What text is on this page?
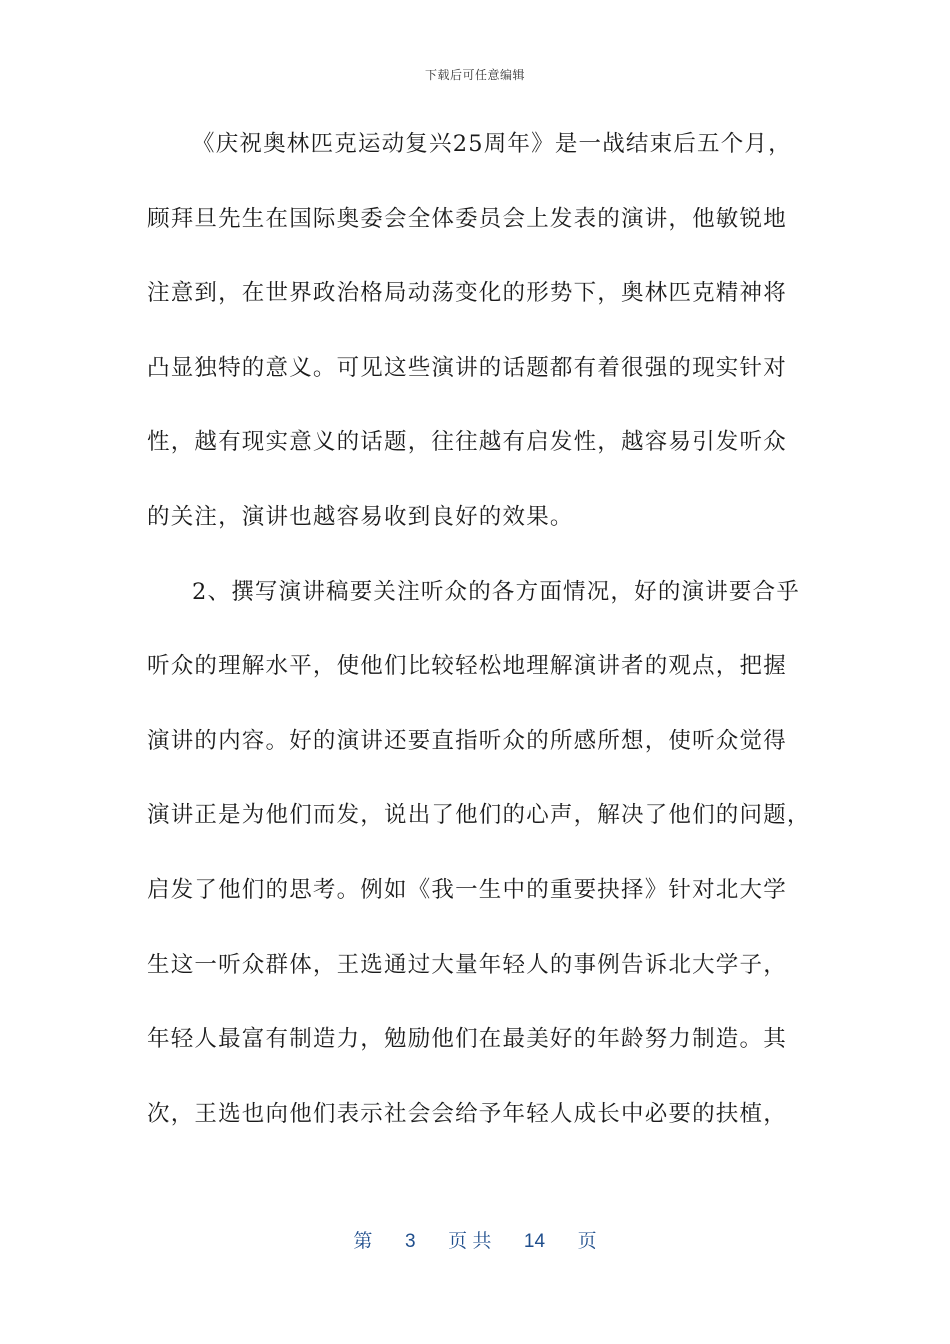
下载后可任意编辑
《庆祝奥林匹克运动复兴25周年》是一战结束后五个月，
顾拜旦先生在国际奥委会全体委员会上发表的演讲，他敏锐地
注意到，在世界政治格局动荡变化的形势下，奥林匹克精神将
凸显独特的意义。可见这些演讲的话题都有着很强的现实针对
性，越有现实意义的话题，往往越有启发性，越容易引发听众
的关注，演讲也越容易收到良好的效果。
2、撰写演讲稿要关注听众的各方面情况，好的演讲要合乎
听众的理解水平，使他们比较轻松地理解演讲者的观点，把握
演讲的内容。好的演讲还要直指听众的所感所想，使听众觉得
演讲正是为他们而发，说出了他们的心声，解决了他们的问题，
启发了他们的思考。例如《我一生中的重要抉择》针对北大学
生这一听众群体，王选通过大量年轻人的事例告诉北大学子，
年轻人最富有制造力，勉励他们在最美好的年龄努力制造。其
次，王选也向他们表示社会会给予年轻人成长中必要的扶植，
第 3 页 共 14 页
